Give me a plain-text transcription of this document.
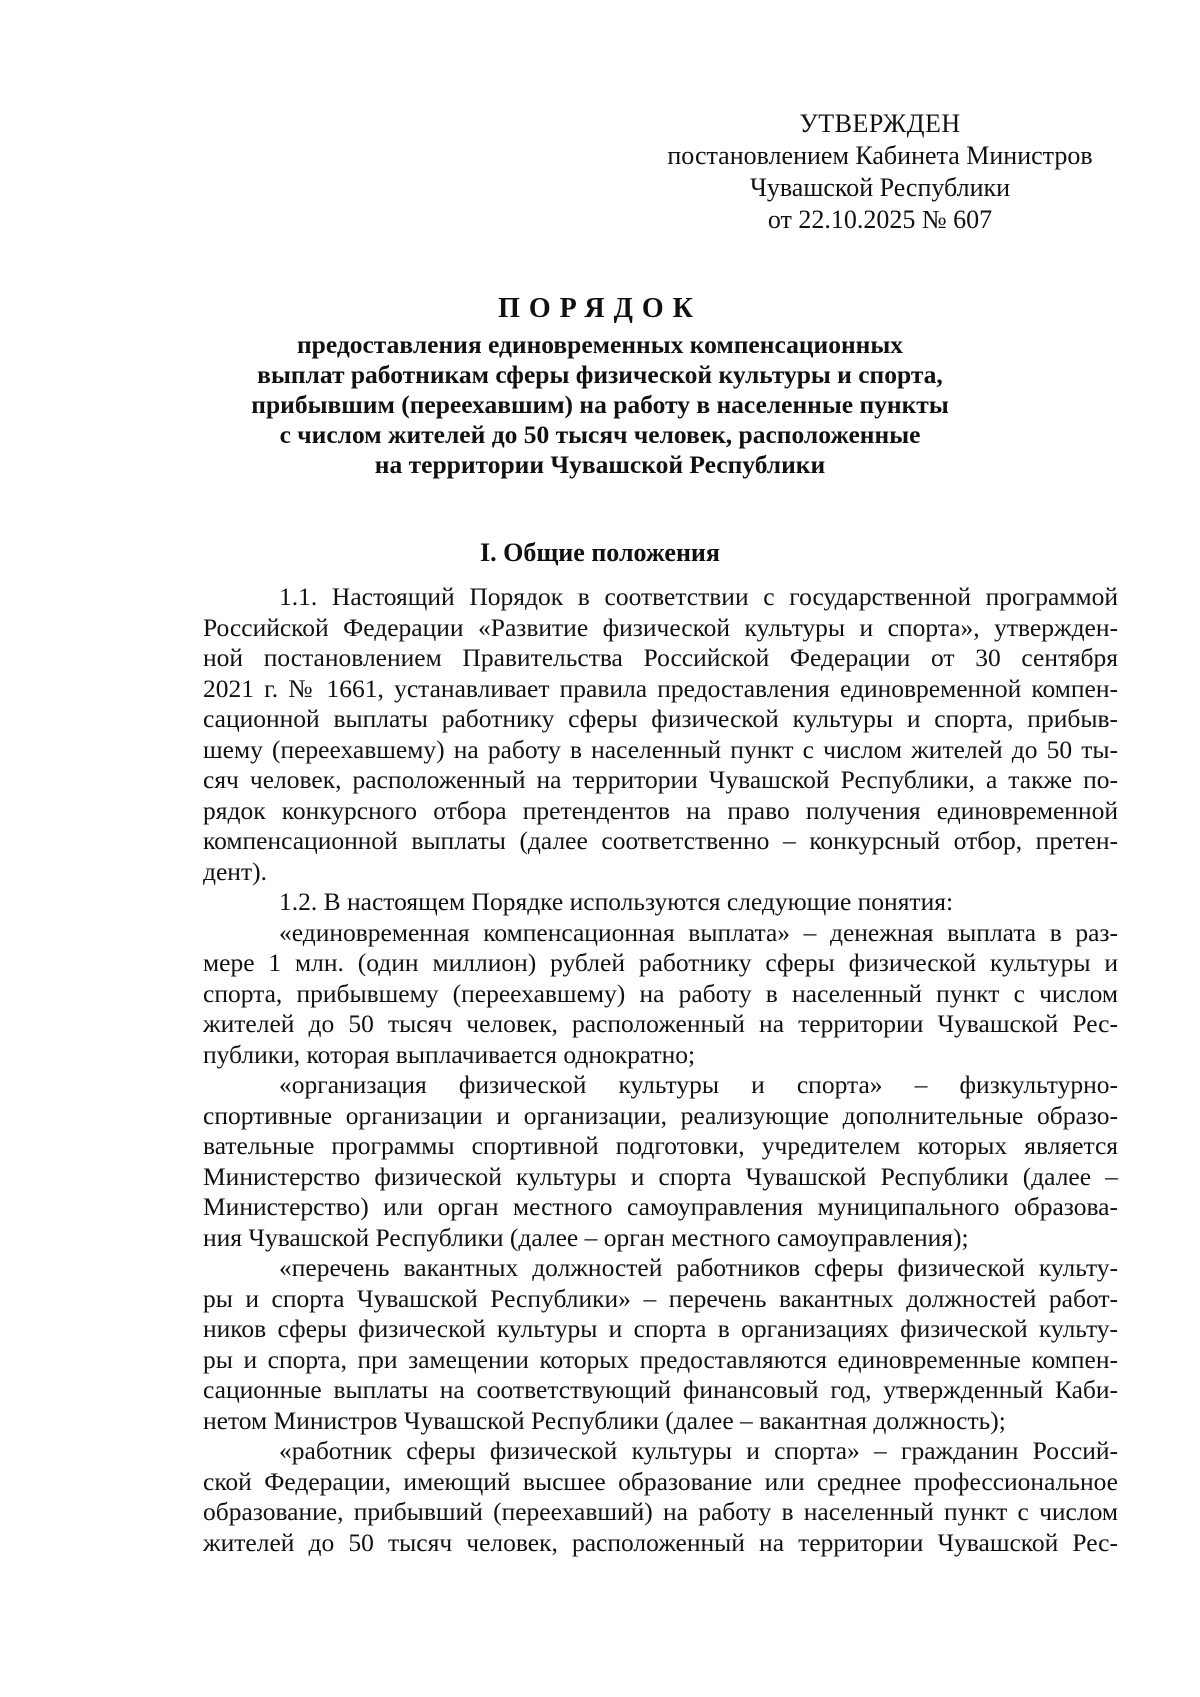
УТВЕРЖДЕН
постановлением Кабинета Министров
Чувашской Республики
от 22.10.2025 № 607
ПОРЯДОК
предоставления единовременных компенсационных
выплат работникам сферы физической культуры и спорта,
прибывшим (переехавшим) на работу в населенные пункты
с числом жителей до 50 тысяч человек, расположенные
на территории Чувашской Республики
I. Общие положения
1.1. Настоящий Порядок в соответствии с государственной программой
Российской Федерации «Развитие физической культуры и спорта», утвержден-
ной постановлением Правительства Российской Федерации от 30 сентября
2021 г. № 1661, устанавливает правила предоставления единовременной компен-
сационной выплаты работнику сферы физической культуры и спорта, прибыв-
шему (переехавшему) на работу в населенный пункт с числом жителей до 50 ты-
сяч человек, расположенный на территории Чувашской Республики, а также по-
рядок конкурсного отбора претендентов на право получения единовременной
компенсационной выплаты (далее соответственно – конкурсный отбор, претен-
дент).
1.2. В настоящем Порядке используются следующие понятия:
«единовременная компенсационная выплата» – денежная выплата в раз-
мере 1 млн. (один миллион) рублей работнику сферы физической культуры и
спорта, прибывшему (переехавшему) на работу в населенный пункт с числом
жителей до 50 тысяч человек, расположенный на территории Чувашской Рес-
публики, которая выплачивается однократно;
«организация физической культуры и спорта» – физкультурно-
спортивные организации и организации, реализующие дополнительные образо-
вательные программы спортивной подготовки, учредителем которых является
Министерство физической культуры и спорта Чувашской Республики (далее –
Министерство) или орган местного самоуправления муниципального образова-
ния Чувашской Республики (далее – орган местного самоуправления);
«перечень вакантных должностей работников сферы физической культу-
ры и спорта Чувашской Республики» – перечень вакантных должностей работ-
ников сферы физической культуры и спорта в организациях физической культу-
ры и спорта, при замещении которых предоставляются единовременные компен-
сационные выплаты на соответствующий финансовый год, утвержденный Каби-
нетом Министров Чувашской Республики (далее – вакантная должность);
«работник сферы физической культуры и спорта» – гражданин Россий-
ской Федерации, имеющий высшее образование или среднее профессиональное
образование, прибывший (переехавший) на работу в населенный пункт с числом
жителей до 50 тысяч человек, расположенный на территории Чувашской Рес-
